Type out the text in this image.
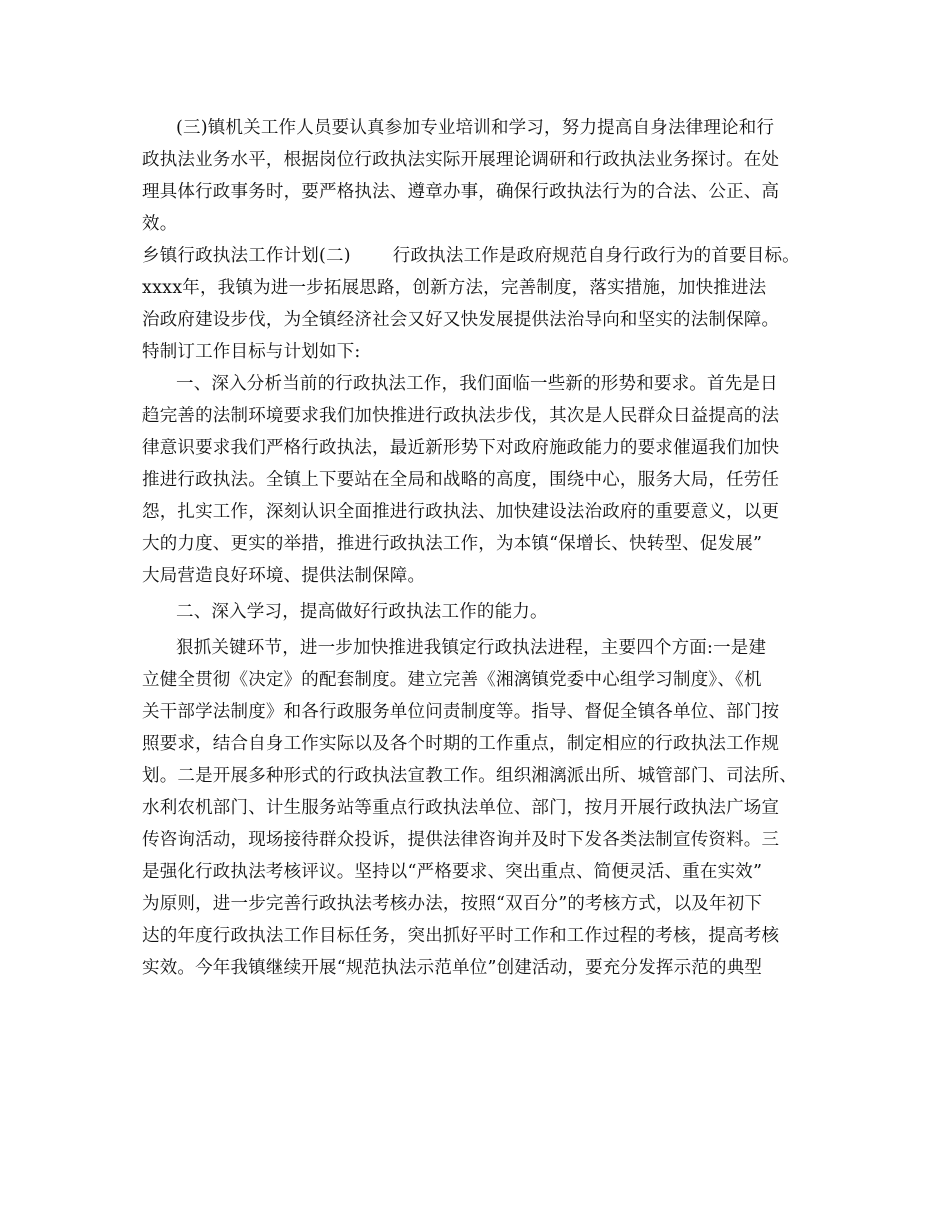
(三)镇机关工作人员要认真参加专业培训和学习，努力提高自身法律理论和行
政执法业务水平，根据岗位行政执法实际开展理论调研和行政执法业务探讨。在处
理具体行政事务时，要严格执法、遵章办事，确保行政执法行为的合法、公正、高
效。
乡镇行政执法工作计划(二) 行政执法工作是政府规范自身行政行为的首要目标。
xxxx年，我镇为进一步拓展思路，创新方法，完善制度，落实措施，加快推进法
治政府建设步伐，为全镇经济社会又好又快发展提供法治导向和坚实的法制保障。
特制订工作目标与计划如下:
一、深入分析当前的行政执法工作，我们面临一些新的形势和要求。首先是日
趋完善的法制环境要求我们加快推进行政执法步伐，其次是人民群众日益提高的法
律意识要求我们严格行政执法，最近新形势下对政府施政能力的要求催逼我们加快
推进行政执法。全镇上下要站在全局和战略的高度，围绕中心，服务大局，任劳任
怨，扎实工作，深刻认识全面推进行政执法、加快建设法治政府的重要意义，以更
大的力度、更实的举措，推进行政执法工作，为本镇“保增长、快转型、促发展”
大局营造良好环境、提供法制保障。
二、深入学习，提高做好行政执法工作的能力。
狠抓关键环节，进一步加快推进我镇定行政执法进程，主要四个方面:一是建
立健全贯彻《决定》的配套制度。建立完善《湘漓镇党委中心组学习制度》、《机
关干部学法制度》和各行政服务单位问责制度等。指导、督促全镇各单位、部门按
照要求，结合自身工作实际以及各个时期的工作重点，制定相应的行政执法工作规
划。二是开展多种形式的行政执法宣教工作。组织湘漓派出所、城管部门、司法所、
水利农机部门、计生服务站等重点行政执法单位、部门，按月开展行政执法广场宣
传咨询活动，现场接待群众投诉，提供法律咨询并及时下发各类法制宣传资料。三
是强化行政执法考核评议。坚持以“严格要求、突出重点、简便灵活、重在实效”
为原则，进一步完善行政执法考核办法，按照“双百分”的考核方式，以及年初下
达的年度行政执法工作目标任务，突出抓好平时工作和工作过程的考核，提高考核
实效。今年我镇继续开展“规范执法示范单位”创建活动，要充分发挥示范的典型
